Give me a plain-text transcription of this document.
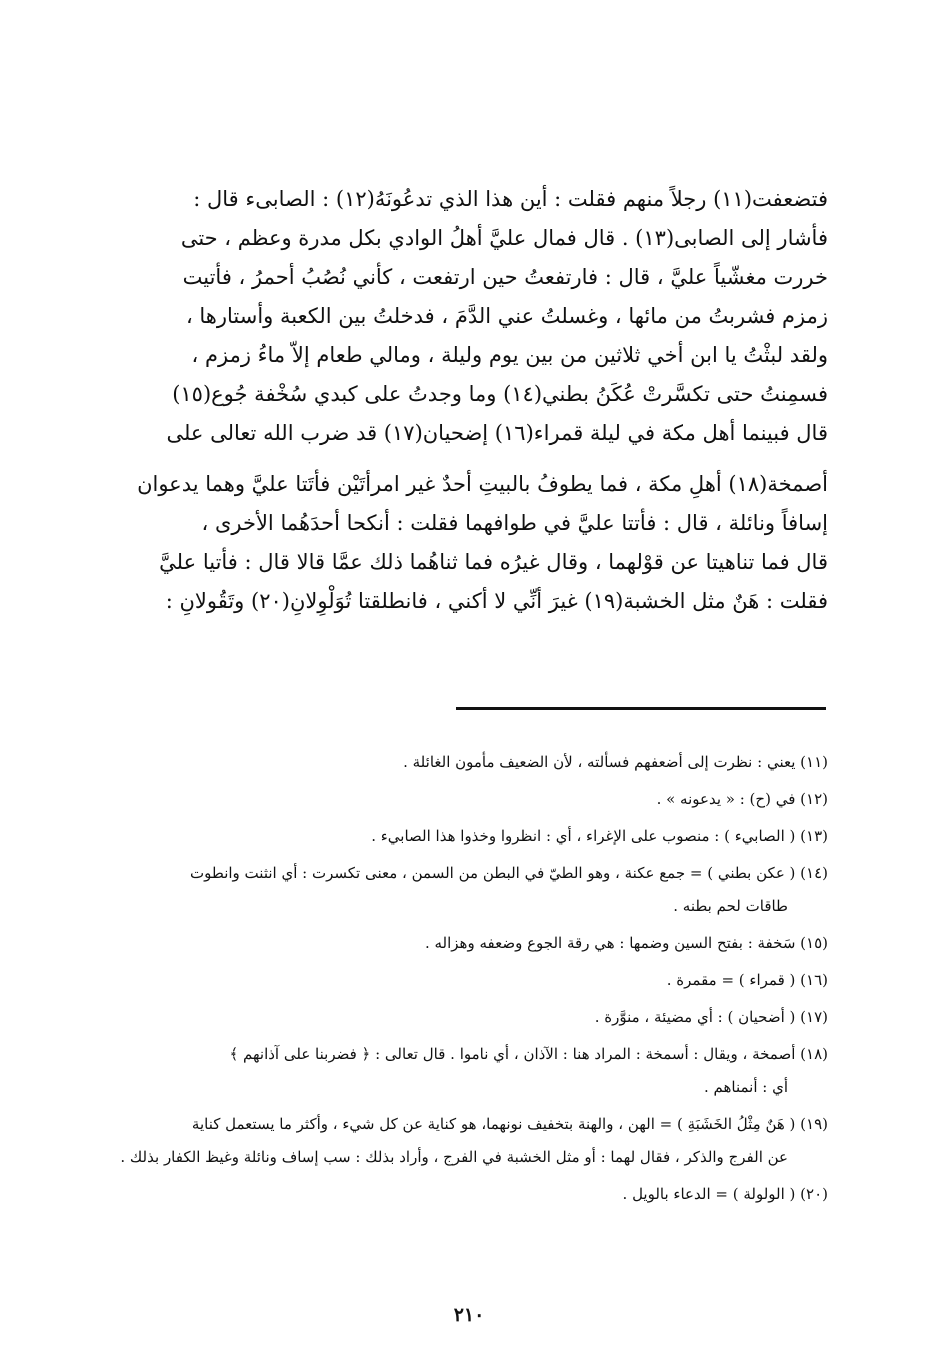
فتضعفت(١١) رجلاً منهم فقلت : أين هذا الذي تدعُونَهُ(١٢) : الصابىء قال :
فأشار إلى الصابى(١٣) . قال فمال عليَّ أهلُ الوادي بكل مدرة وعظم ، حتى
خررت مغشّياً عليَّ ، قال : فارتفعتُ حين ارتفعت ، كأني نُصُبُ أحمرُ ، فأتيت
زمزم فشربتُ من مائها ، وغسلتُ عني الدَّمَ ، فدخلتُ بين الكعبة وأستارها ،
ولقد لبثْتُ يا ابن أخي ثلاثين من بين يوم وليلة ، ومالي طعام إلاّ ماءُ زمزم ،
فسمِنتُ حتى تكسَّرتْ عُكَنُ بطني(١٤) وما وجدتُ على كبدي سُخْفة جُوع(١٥)
قال فبينما أهل مكة في ليلة قمراء(١٦) إضحيان(١٧) قد ضرب الله تعالى على
أصمخة(١٨) أهلِ مكة ، فما يطوفُ بالبيتِ أحدٌ غير امرأتَيْن فأتَتا عليَّ وهما يدعوان
إسافاً ونائلة ، قال : فأتتا عليَّ في طوافهما فقلت : أنكحا أحدَهُما الأخرى ،
قال فما تناهيتا عن قوْلهما ، وقال غيرُه فما ثناهُما ذلك عمَّا قالا قال : فأتيا عليَّ
فقلت : هَنٌ مثل الخشبة(١٩) غيرَ أنِّي لا أكني ، فانطلقتا تُوَلْوِلانِ(٢٠) وتَقُولانِ :
(١١) يعني : نظرت إلى أضعفهم فسألته ، لأن الضعيف مأمون الغائلة .
(١٢) في (ح) : « يدعونه » .
(١٣) ( الصابيء ) : منصوب على الإغراء ، أي : انظروا وخذوا هذا الصابيء .
(١٤) ( عكن بطني ) = جمع عكنة ، وهو الطيّ في البطن من السمن ، معنى تكسرت : أي انثنت وانطوت
طاقات لحم بطنه .
(١٥) سَخفة : بفتح السين وضمها : هي رقة الجوع وضعفه وهزاله .
(١٦) ( قمراء ) = مقمرة .
(١٧) ( أضحيان ) : أي مضيئة ، منوَّرة .
(١٨) أصمخة ، ويقال : أسمخة : المراد هنا : الآذان ، أي ناموا . قال تعالى : ﴿ فضربنا على آذانهم ﴾
أي : أنمناهم .
(١٩) ( هَنٌ مِثْلُ الخَشَبَةِ ) = الهن ، والهنة بتخفيف نونهما، هو كناية عن كل شيء ، وأكثر ما يستعمل كناية
عن الفرج والذكر ، فقال لهما : أو مثل الخشبة في الفرج ، وأراد بذلك : سب إساف ونائلة وغيظ الكفار بذلك .
(٢٠) ( الولولة ) = الدعاء بالويل .
٢١٠
